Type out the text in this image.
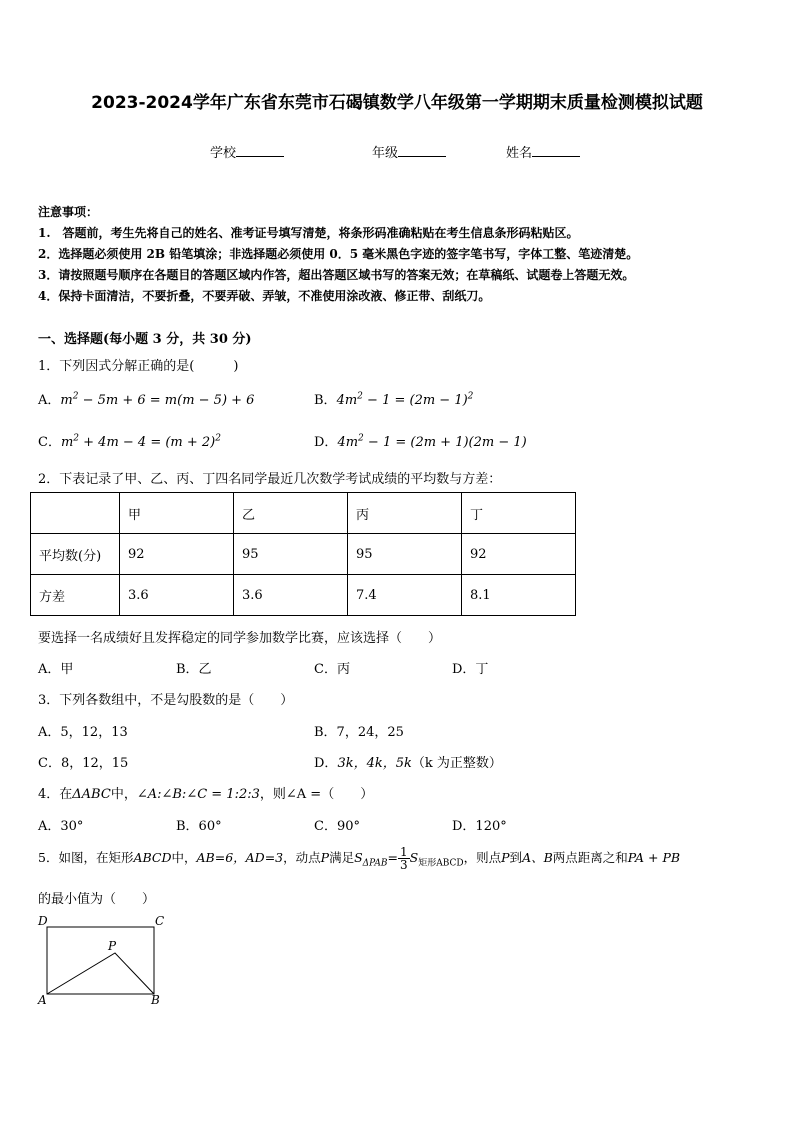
2023-2024学年广东省东莞市石碣镇数学八年级第一学期期末质量检测模拟试题
学校	年级	姓名
注意事项：
1.　答题前，考生先将自己的姓名、准考证号填写清楚，将条形码准确粘贴在考生信息条形码粘贴区。
2．选择题必须使用 2B 铅笔填涂；非选择题必须使用 0．5 毫米黑色字迹的签字笔书写，字体工整、笔迹清楚。
3．请按照题号顺序在各题目的答题区域内作答，超出答题区域书写的答案无效；在草稿纸、试题卷上答题无效。
4．保持卡面清洁，不要折叠，不要弄破、弄皱，不准使用涂改液、修正带、刮纸刀。
一、选择题(每小题 3 分，共 30 分)
1．下列因式分解正确的是(　　　)
A．$m^2 - 5m + 6 = m(m - 5) + 6$	B．$4m^2 - 1 = (2m - 1)^2$
C．$m^2 + 4m - 4 = (m + 2)^2$	D．$4m^2 - 1 = (2m + 1)(2m - 1)$
2．下表记录了甲、乙、丙、丁四名同学最近几次数学考试成绩的平均数与方差：
	甲	乙	丙	丁
平均数(分)	92	95	95	92
方差	3.6	3.6	7.4	8.1
要选择一名成绩好且发挥稳定的同学参加数学比赛，应该选择（　　）
A．甲	B．乙	C．丙	D．丁
3．下列各数组中，不是勾股数的是（　　）
A．5，12，13	B．7，24，25
C．8，12，15	D．3k，4k，5k（k 为正整数）
4．在ΔABC中，∠A:∠B:∠C = 1:2:3，则∠A =（　　）
A．30°	B．60°	C．90°	D．120°
5．如图，在矩形ABCD中，AB=6，AD=3，动点P满足$S_{\Delta PAB}= \frac{1}{3} S_{矩形ABCD}$，则点P到A、B两点距离之和PA + PB
的最小值为（　　）
D	C
A	B
P
